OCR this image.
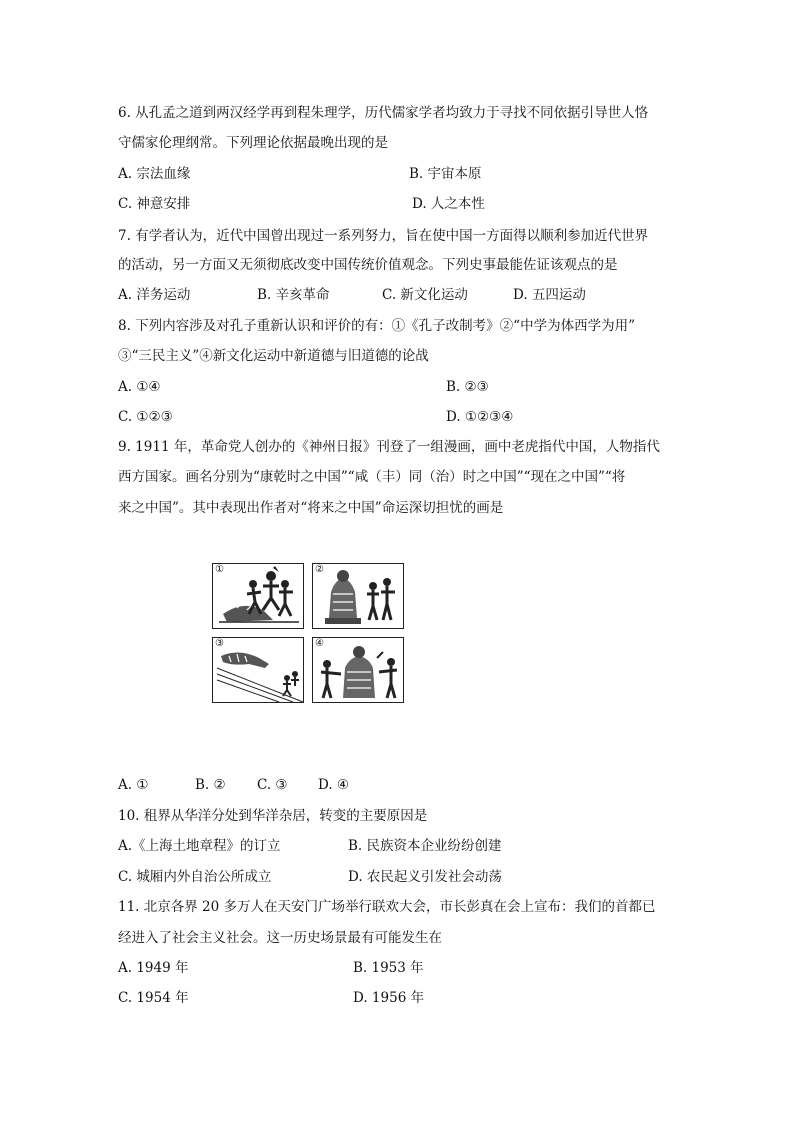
6. 从孔孟之道到两汉经学再到程朱理学，历代儒家学者均致力于寻找不同依据引导世人恪
守儒家伦理纲常。下列理论依据最晚出现的是
A. 宗法血缘	B. 宇宙本原
C. 神意安排	D. 人之本性
7. 有学者认为，近代中国曾出现过一系列努力，旨在使中国一方面得以顺利参加近代世界
的活动，另一方面又无须彻底改变中国传统价值观念。下列史事最能佐证该观点的是
A. 洋务运动	B. 辛亥革命	C. 新文化运动	D. 五四运动
8. 下列内容涉及对孔子重新认识和评价的有：①《孔子改制考》②“中学为体西学为用”
③“三民主义”④新文化运动中新道德与旧道德的论战
A. ①④	B. ②③
C. ①②③	D. ①②③④
9. 1911 年，革命党人创办的《神州日报》刊登了一组漫画，画中老虎指代中国，人物指代
西方国家。画名分别为“康乾时之中国”“咸（丰）同（治）时之中国”“现在之中国”“将
来之中国”。其中表现出作者对“将来之中国”命运深切担忧的画是
①	②
③	④
A. ①	B. ② C. ③ D. ④
10. 租界从华洋分处到华洋杂居，转变的主要原因是
A.《上海土地章程》的订立	B. 民族资本企业纷纷创建
C. 城厢内外自治公所成立	D. 农民起义引发社会动荡
11. 北京各界 20 多万人在天安门广场举行联欢大会，市长彭真在会上宣布：我们的首都已
经进入了社会主义社会。这一历史场景最有可能发生在
A. 1949 年	B. 1953 年
C. 1954 年	D. 1956 年
